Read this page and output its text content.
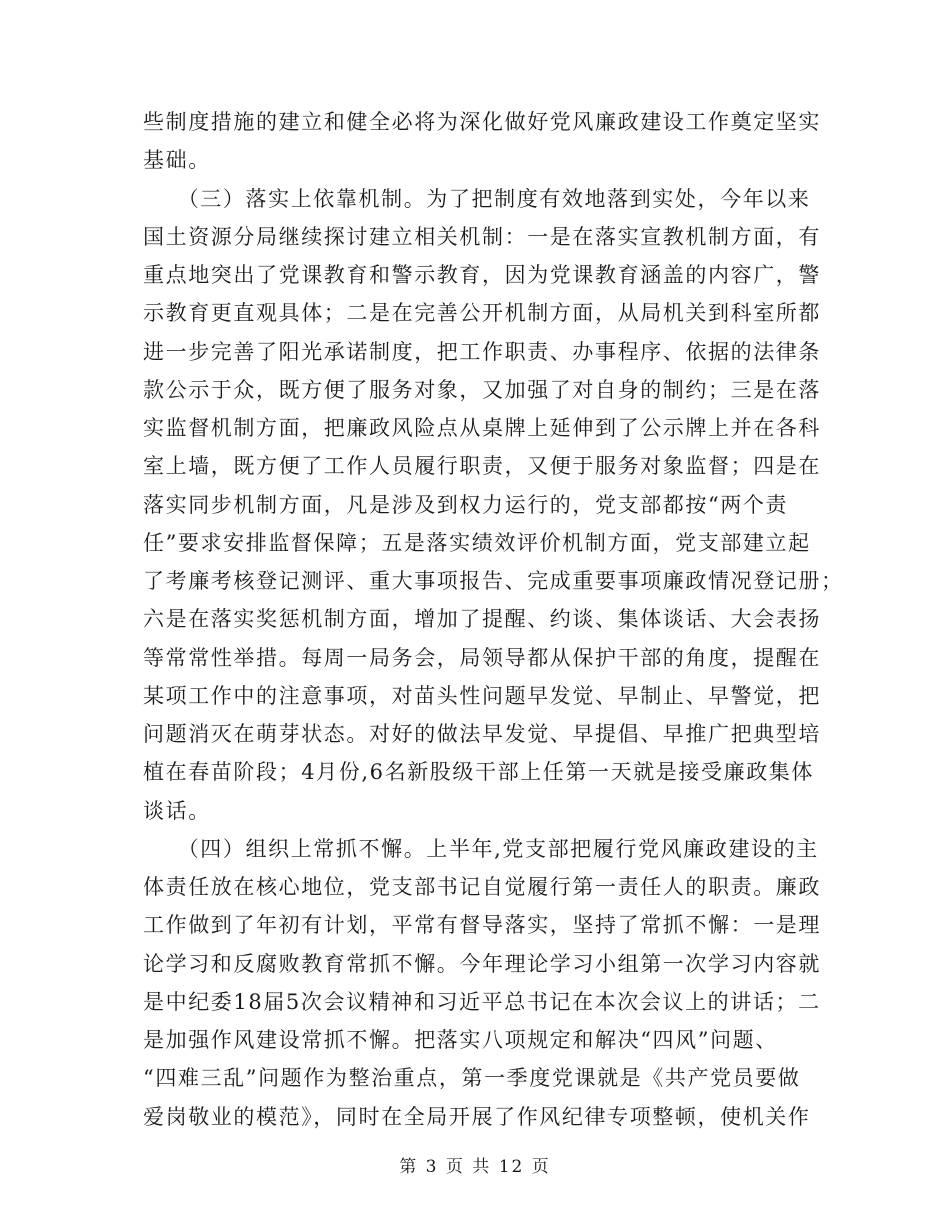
些制度措施的建立和健全必将为深化做好党风廉政建设工作奠定坚实
基础。
　　（三）落实上依靠机制。为了把制度有效地落到实处，今年以来
国土资源分局继续探讨建立相关机制：一是在落实宣教机制方面，有
重点地突出了党课教育和警示教育，因为党课教育涵盖的内容广，警
示教育更直观具体；二是在完善公开机制方面，从局机关到科室所都
进一步完善了阳光承诺制度，把工作职责、办事程序、依据的法律条
款公示于众，既方便了服务对象，又加强了对自身的制约；三是在落
实监督机制方面，把廉政风险点从桌牌上延伸到了公示牌上并在各科
室上墙，既方便了工作人员履行职责，又便于服务对象监督；四是在
落实同步机制方面，凡是涉及到权力运行的，党支部都按“两个责
任”要求安排监督保障；五是落实绩效评价机制方面，党支部建立起
了考廉考核登记测评、重大事项报告、完成重要事项廉政情况登记册；
六是在落实奖惩机制方面，增加了提醒、约谈、集体谈话、大会表扬
等常常性举措。每周一局务会，局领导都从保护干部的角度，提醒在
某项工作中的注意事项，对苗头性问题早发觉、早制止、早警觉，把
问题消灭在萌芽状态。对好的做法早发觉、早提倡、早推广把典型培
植在春苗阶段；4月份,6名新股级干部上任第一天就是接受廉政集体
谈话。
　　（四）组织上常抓不懈。上半年,党支部把履行党风廉政建设的主
体责任放在核心地位，党支部书记自觉履行第一责任人的职责。廉政
工作做到了年初有计划，平常有督导落实，坚持了常抓不懈：一是理
论学习和反腐败教育常抓不懈。今年理论学习小组第一次学习内容就
是中纪委18届5次会议精神和习近平总书记在本次会议上的讲话；二
是加强作风建设常抓不懈。把落实八项规定和解决“四风”问题、
“四难三乱”问题作为整治重点，第一季度党课就是《共产党员要做
爱岗敬业的模范》，同时在全局开展了作风纪律专项整顿，使机关作
第 3 页 共 12 页
